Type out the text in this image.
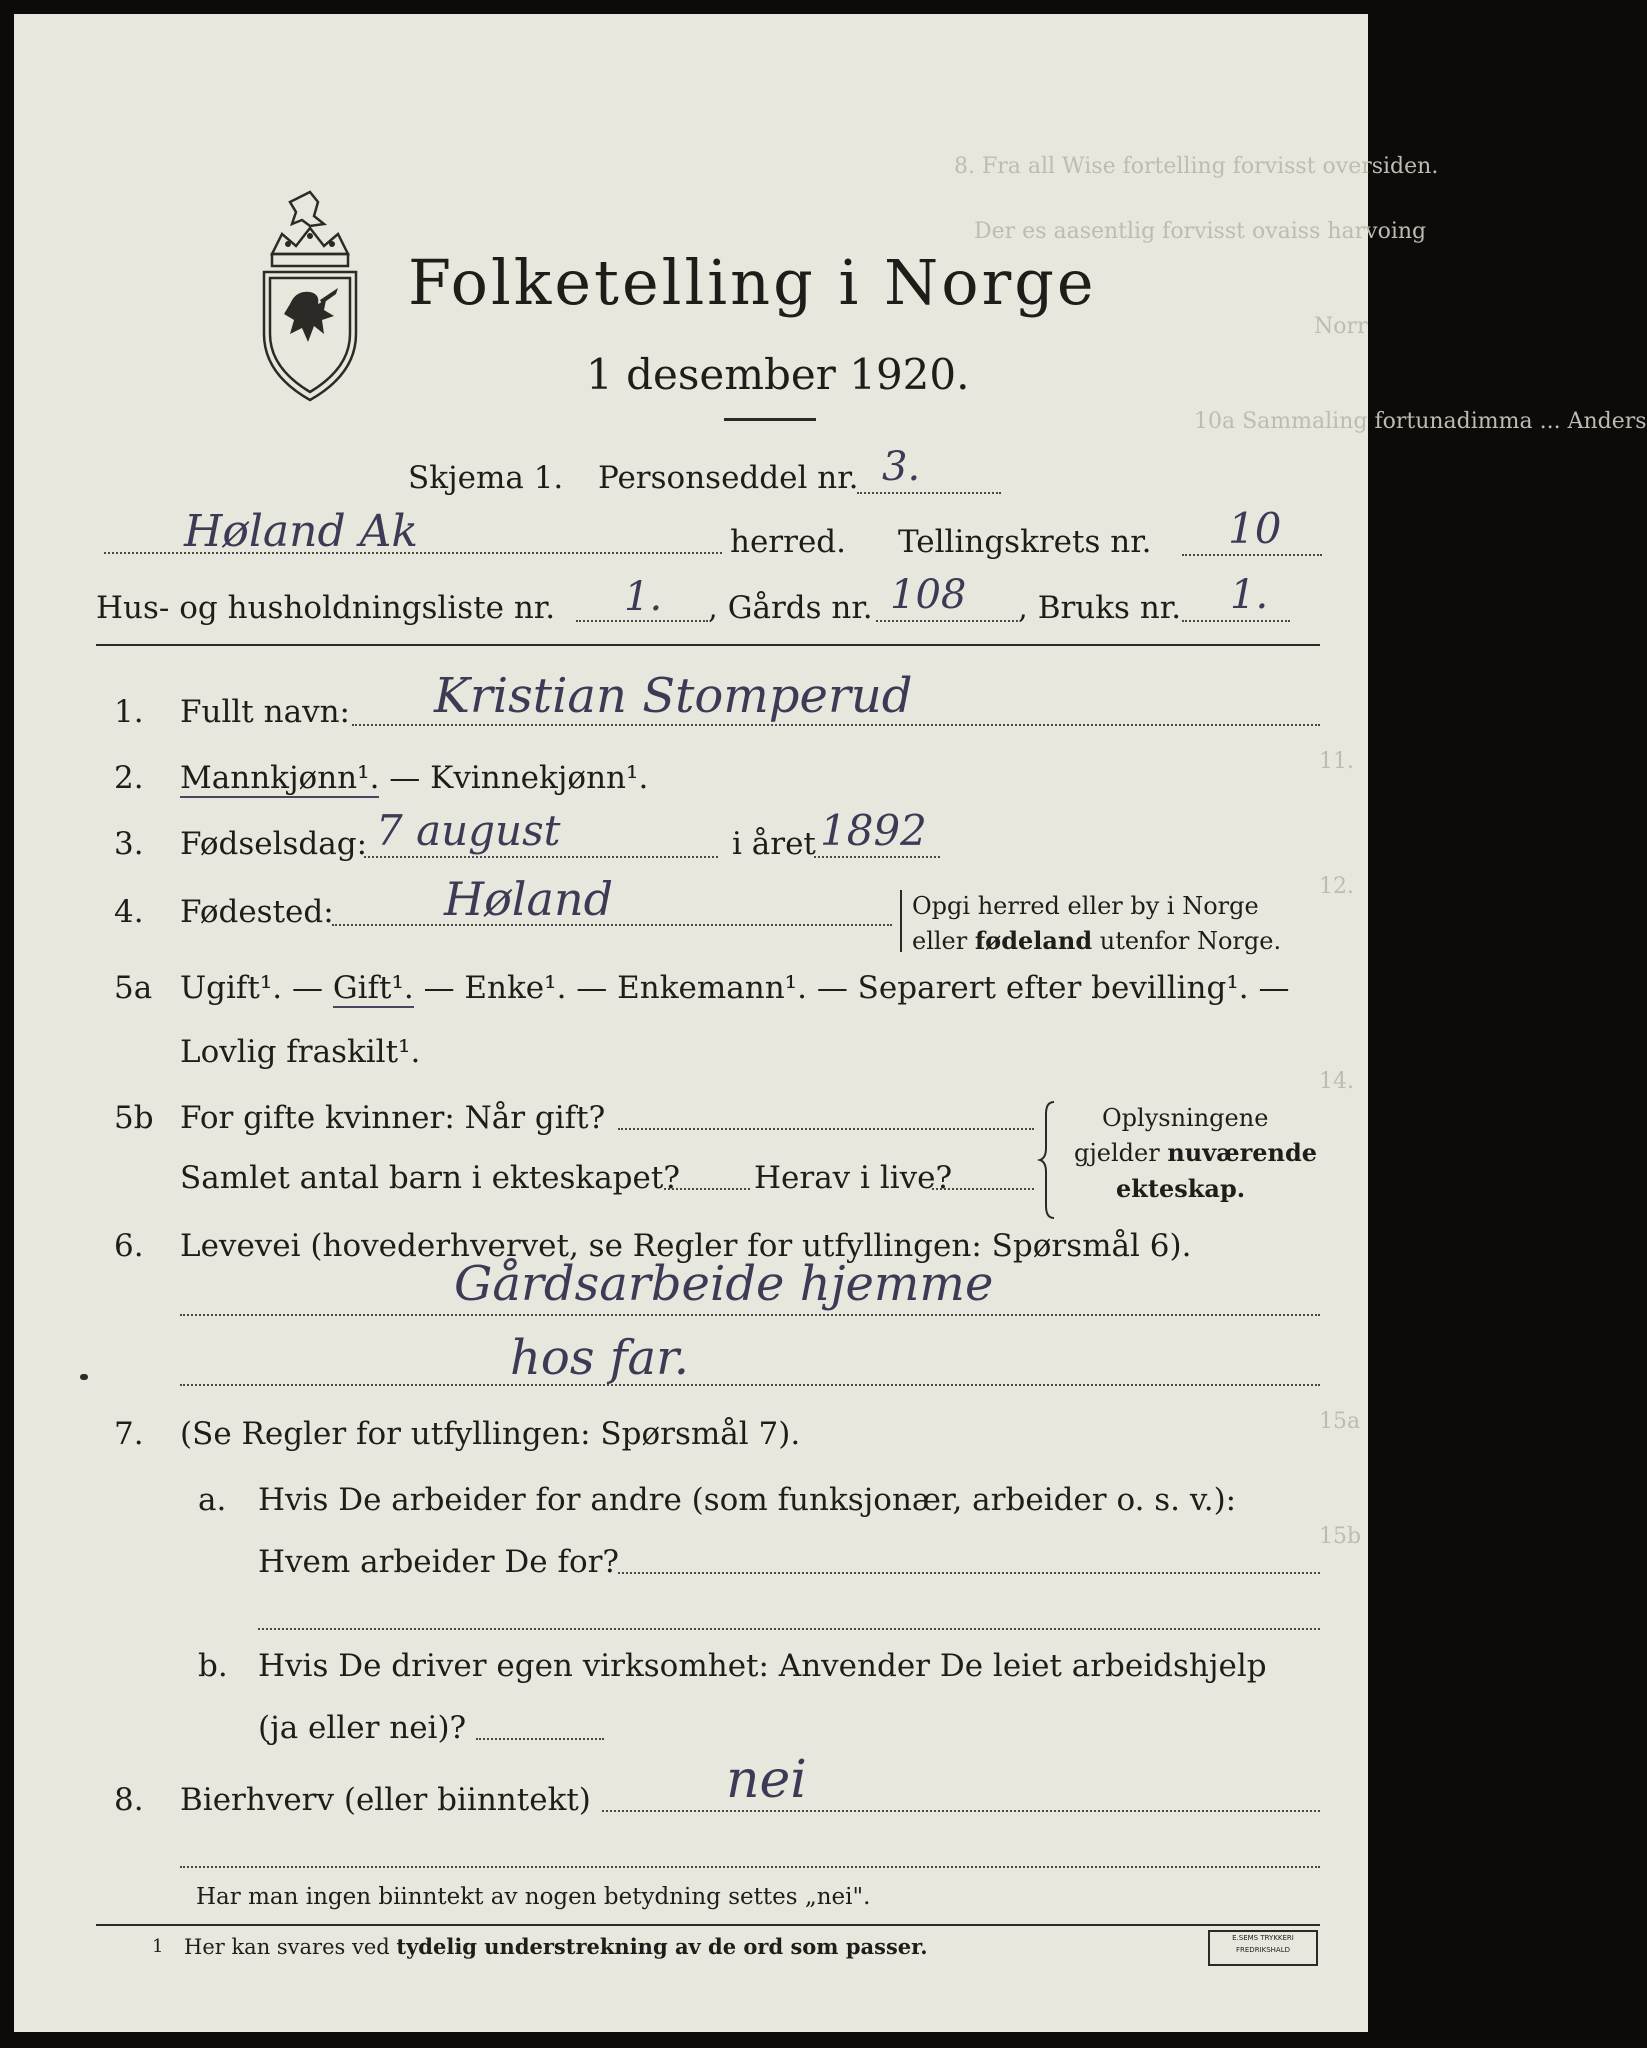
8. Fra all Wise fortelling forvisst oversiden.
Der es aasentlig forvisst ovaiss harvoing
Norr
10a Sammaling fortunadimma ... Anders
11.
12.
14.
15a
15b
Folketelling i Norge
1 desember 1920.
Skjema 1. Personseddel nr. 3.
Høland Ak	herred. Tellingskrets nr. 10
Hus- og husholdningsliste nr. 1. , Gårds nr. 108 , Bruks nr. 1.
1. Fullt navn: Kristian Stomperud
2. Mannkjønn¹. — Kvinnekjønn¹.
3. Fødselsdag: 7 august	i året 1892
4. Fødested: Høland	Opgi herred eller by i Norge
eller fødeland utenfor Norge.
5a Ugift¹. — Gift¹. — Enke¹. — Enkemann¹. — Separert efter bevilling¹. —
Lovlig fraskilt¹.
5b For gifte kvinner: Når gift?
Samlet antal barn i ekteskapet? Herav i live?
Oplysningene
gjelder nuværende
ekteskap.
6. Levevei (hovederhvervet, se Regler for utfyllingen: Spørsmål 6).
Gårdsarbeide hjemme
hos far.
7. (Se Regler for utfyllingen: Spørsmål 7).
a. Hvis De arbeider for andre (som funksjonær, arbeider o. s. v.):
Hvem arbeider De for?
b. Hvis De driver egen virksomhet: Anvender De leiet arbeidshjelp
(ja eller nei)?
8. Bierhverv (eller biinntekt)	nei
Har man ingen biinntekt av nogen betydning settes „nei".
1 Her kan svares ved tydelig understrekning av de ord som passer.	E.SEMS TRYKKERI
FREDRIKSHALD
